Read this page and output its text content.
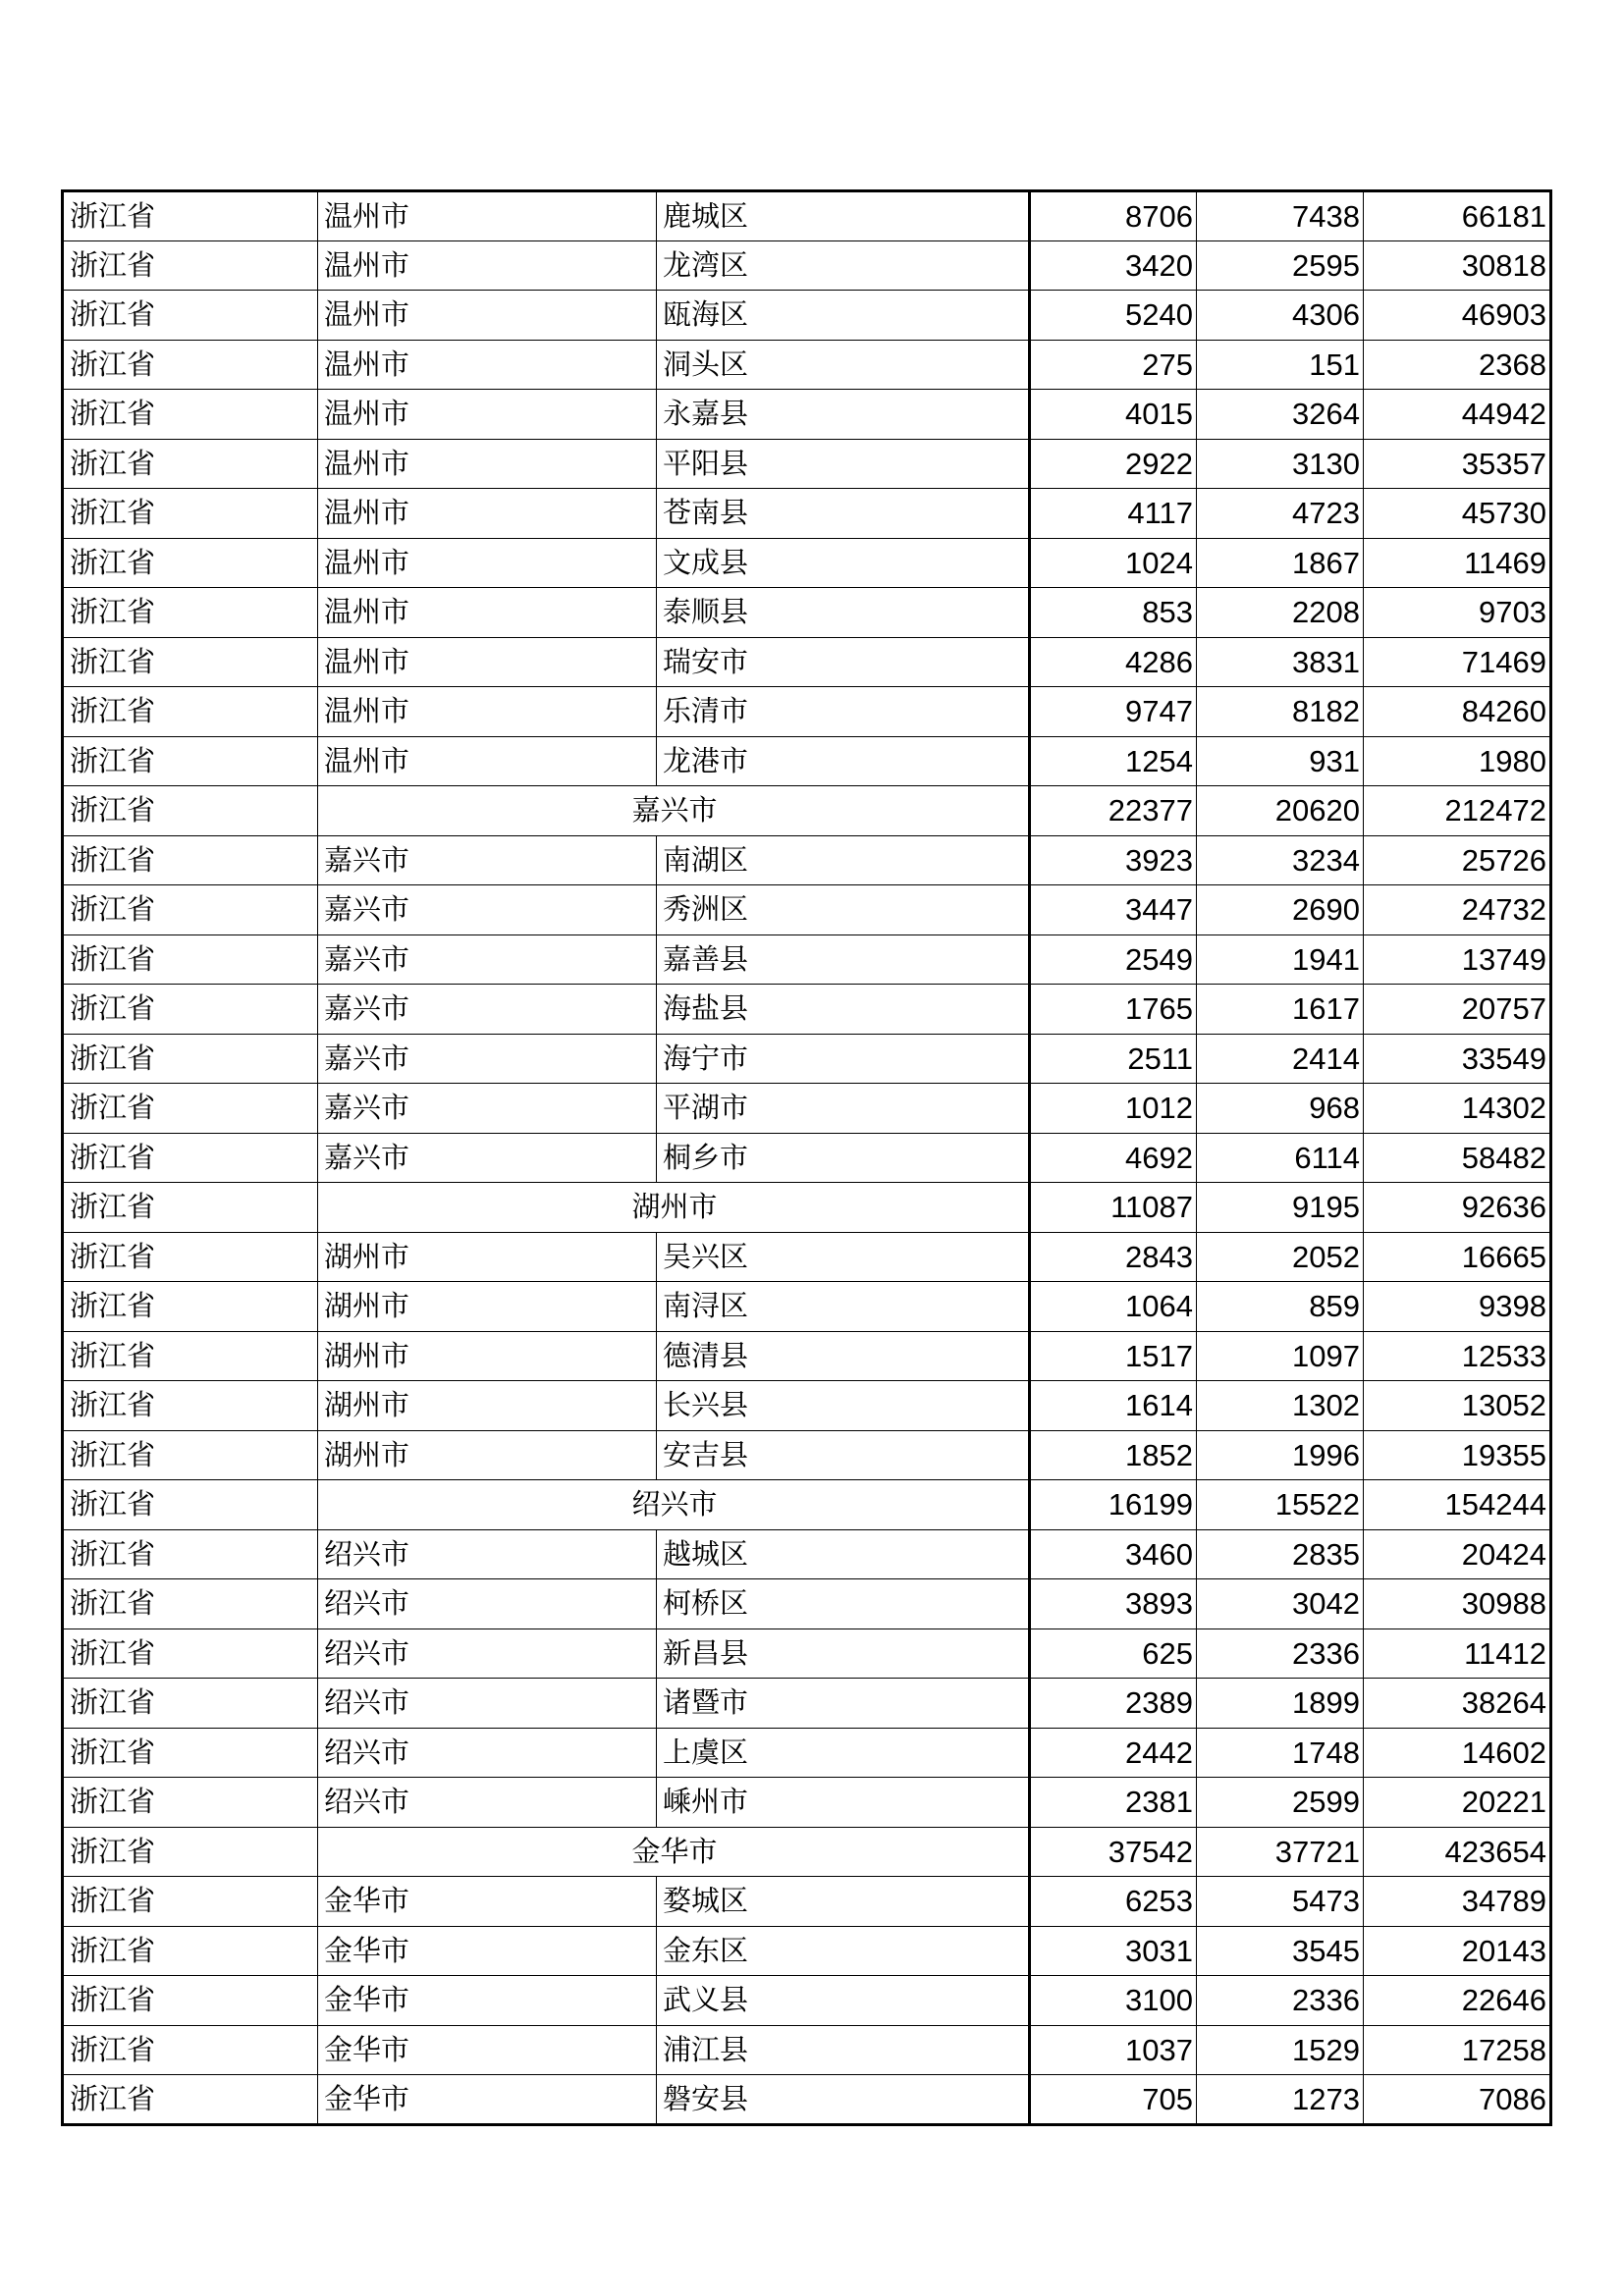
浙江省	温州市	鹿城区	8706	7438	66181
浙江省	温州市	龙湾区	3420	2595	30818
浙江省	温州市	瓯海区	5240	4306	46903
浙江省	温州市	洞头区	275	151	2368
浙江省	温州市	永嘉县	4015	3264	44942
浙江省	温州市	平阳县	2922	3130	35357
浙江省	温州市	苍南县	4117	4723	45730
浙江省	温州市	文成县	1024	1867	11469
浙江省	温州市	泰顺县	853	2208	9703
浙江省	温州市	瑞安市	4286	3831	71469
浙江省	温州市	乐清市	9747	8182	84260
浙江省	温州市	龙港市	1254	931	1980
浙江省	嘉兴市		22377	20620	212472
浙江省	嘉兴市	南湖区	3923	3234	25726
浙江省	嘉兴市	秀洲区	3447	2690	24732
浙江省	嘉兴市	嘉善县	2549	1941	13749
浙江省	嘉兴市	海盐县	1765	1617	20757
浙江省	嘉兴市	海宁市	2511	2414	33549
浙江省	嘉兴市	平湖市	1012	968	14302
浙江省	嘉兴市	桐乡市	4692	6114	58482
浙江省	湖州市		11087	9195	92636
浙江省	湖州市	吴兴区	2843	2052	16665
浙江省	湖州市	南浔区	1064	859	9398
浙江省	湖州市	德清县	1517	1097	12533
浙江省	湖州市	长兴县	1614	1302	13052
浙江省	湖州市	安吉县	1852	1996	19355
浙江省	绍兴市		16199	15522	154244
浙江省	绍兴市	越城区	3460	2835	20424
浙江省	绍兴市	柯桥区	3893	3042	30988
浙江省	绍兴市	新昌县	625	2336	11412
浙江省	绍兴市	诸暨市	2389	1899	38264
浙江省	绍兴市	上虞区	2442	1748	14602
浙江省	绍兴市	嵊州市	2381	2599	20221
浙江省	金华市		37542	37721	423654
浙江省	金华市	婺城区	6253	5473	34789
浙江省	金华市	金东区	3031	3545	20143
浙江省	金华市	武义县	3100	2336	22646
浙江省	金华市	浦江县	1037	1529	17258
浙江省	金华市	磐安县	705	1273	7086
